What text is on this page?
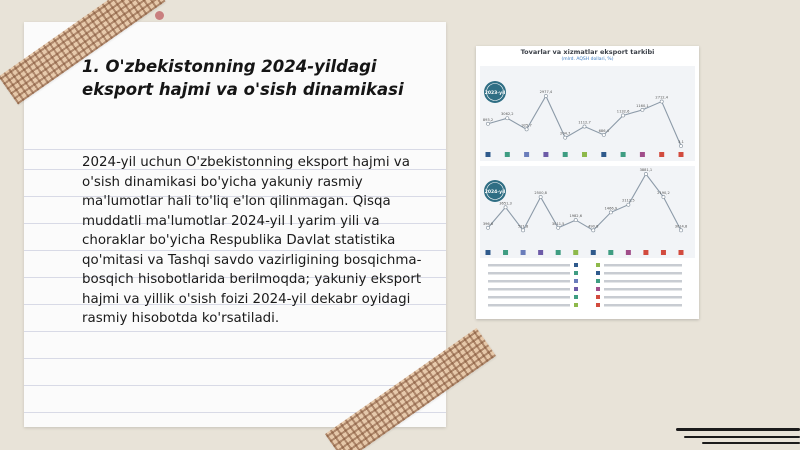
1. O'zbekistonning 2024-yildagi eksport hajmi va o'sish dinamikasi
2024-yil uchun O'zbekistonning eksport hajmi va o'sish dinamikasi bo'yicha yakuniy rasmiy ma'lumotlar hali to'liq e'lon qilinmagan. Qisqa muddatli ma'lumotlar 2024-yil I yarim yili va choraklar bo'yicha Respublika Davlat statistika qo'mitasi va Tashqi savdo vazirligining bosqichma-bosqich hisobotlarida berilmoqda; yakuniy eksport hajmi va yillik o'sish foizi 2024-yil dekabr oyidagi rasmiy hisobotda ko'rsatiladi.
Tovarlar va xizmatlar eksport tarkibi
(mlrd. AQSH dollari, %)
2023-yil
2024-yil
893,2
3062,2
925,7
2977,4
204,7
1112,7
686,4
1132,6
1160,1
2712,4
3,1
396,8
3651,3
521,8
2500,8
3011,5
1982,6
490,8
1466,9
2112,5
3881,1
2190,2
3014,8
